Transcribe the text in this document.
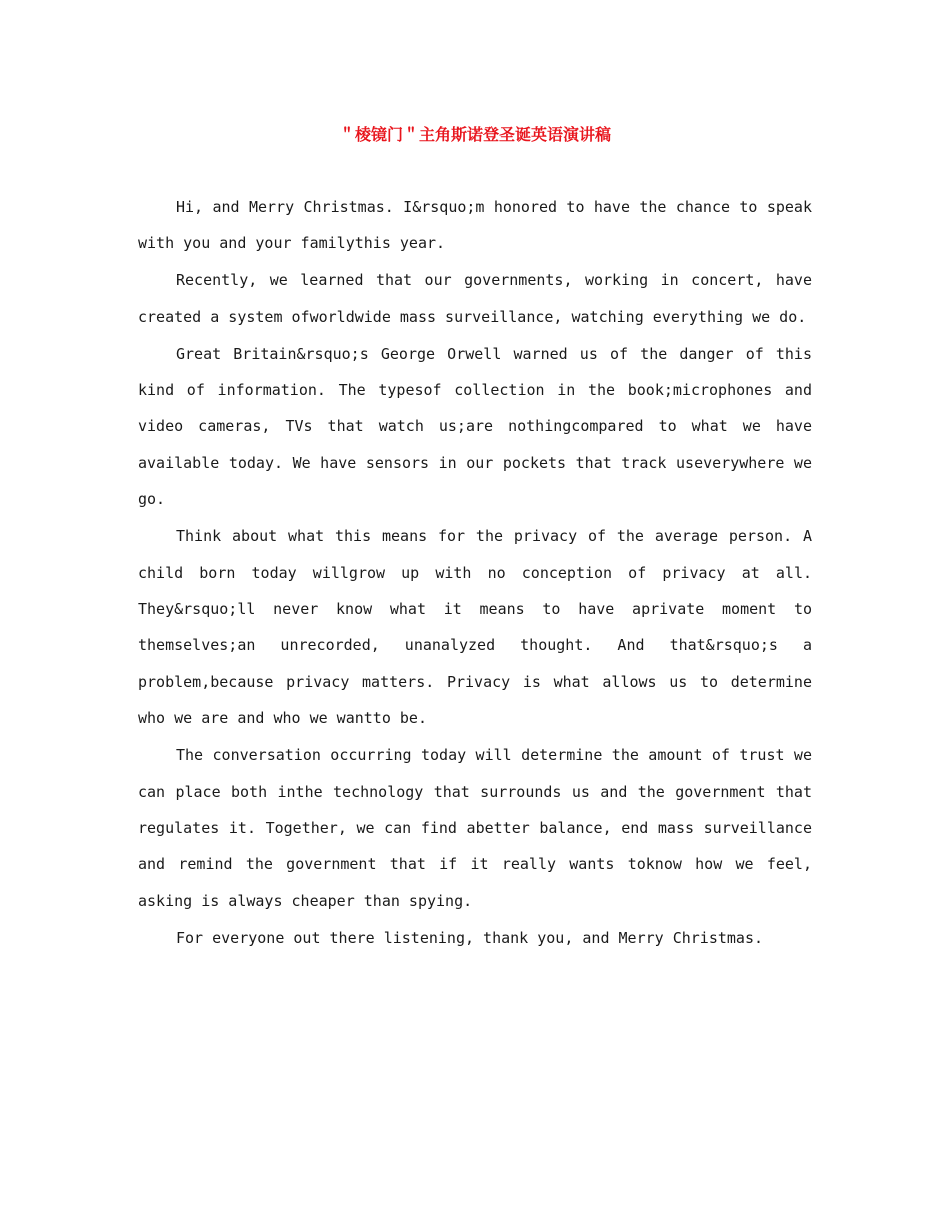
＂棱镜门＂主角斯诺登圣诞英语演讲稿

Hi, and Merry Christmas. I&rsquo;m honored to have the chance to speak with you and your familythis year.

Recently, we learned that our governments, working in concert, have created a system ofworldwide mass surveillance, watching everything we do.

Great Britain&rsquo;s George Orwell warned us of the danger of this kind of information. The typesof collection in the book;microphones and video cameras, TVs that watch us;are nothingcompared to what we have available today. We have sensors in our pockets that track useverywhere we go.

Think about what this means for the privacy of the average person. A child born today willgrow up with no conception of privacy at all. They&rsquo;ll never know what it means to have aprivate moment to themselves;an unrecorded, unanalyzed thought. And that&rsquo;s a problem,because privacy matters. Privacy is what allows us to determine who we are and who we wantto be.

The conversation occurring today will determine the amount of trust we can place both inthe technology that surrounds us and the government that regulates it. Together, we can find abetter balance, end mass surveillance and remind the government that if it really wants toknow how we feel, asking is always cheaper than spying.

For everyone out there listening, thank you, and Merry Christmas.
